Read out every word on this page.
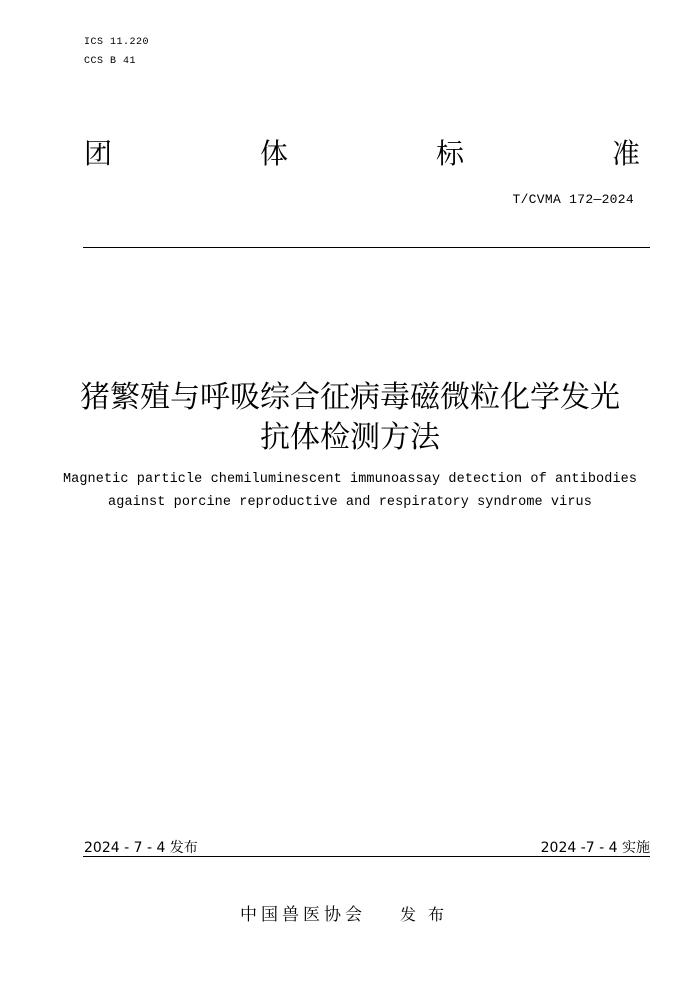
ICS 11.220
CCS B 41
团	体	标	准
T/CVMA 172—2024
猪繁殖与呼吸综合征病毒磁微粒化学发光
抗体检测方法
Magnetic particle chemiluminescent immunoassay detection of antibodies
against porcine reproductive and respiratory syndrome virus
2024 - 7 - 4 发布	2024 -7 - 4 实施
中国兽医协会 发布
